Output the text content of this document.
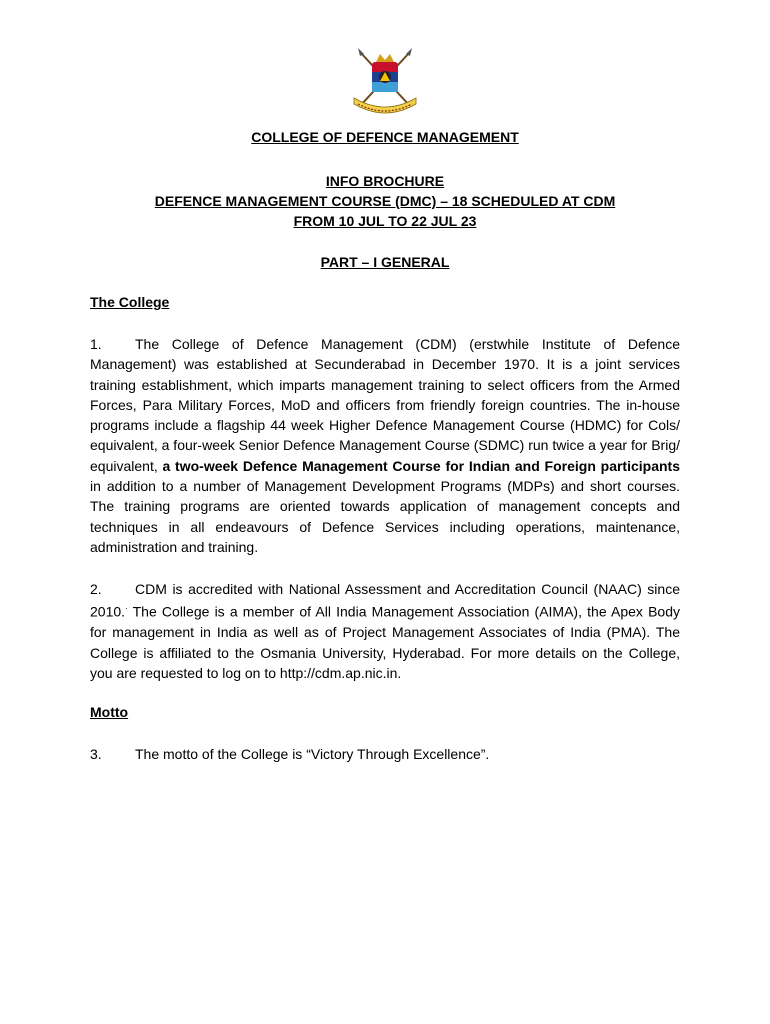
COLLEGE OF DEFENCE MANAGEMENT
INFO BROCHURE
DEFENCE MANAGEMENT COURSE (DMC) – 18 SCHEDULED AT CDM
FROM 10 JUL TO 22 JUL 23
PART – I GENERAL
The College

1. The College of Defence Management (CDM) (erstwhile Institute of Defence Management) was established at Secunderabad in December 1970. It is a joint services training establishment, which imparts management training to select officers from the Armed Forces, Para Military Forces, MoD and officers from friendly foreign countries. The in-house programs include a flagship 44 week Higher Defence Management Course (HDMC) for Cols/ equivalent, a four-week Senior Defence Management Course (SDMC) run twice a year for Brig/ equivalent, a two-week Defence Management Course for Indian and Foreign participants in addition to a number of Management Development Programs (MDPs) and short courses. The training programs are oriented towards application of management concepts and techniques in all endeavours of Defence Services including operations, maintenance, administration and training.

2. CDM is accredited with National Assessment and Accreditation Council (NAAC) since 2010.· The College is a member of All India Management Association (AIMA), the Apex Body for management in India as well as of Project Management Associates of India (PMA). The College is affiliated to the Osmania University, Hyderabad. For more details on the College, you are requested to log on to http://cdm.ap.nic.in.

Motto

3. The motto of the College is “Victory Through Excellence”.
